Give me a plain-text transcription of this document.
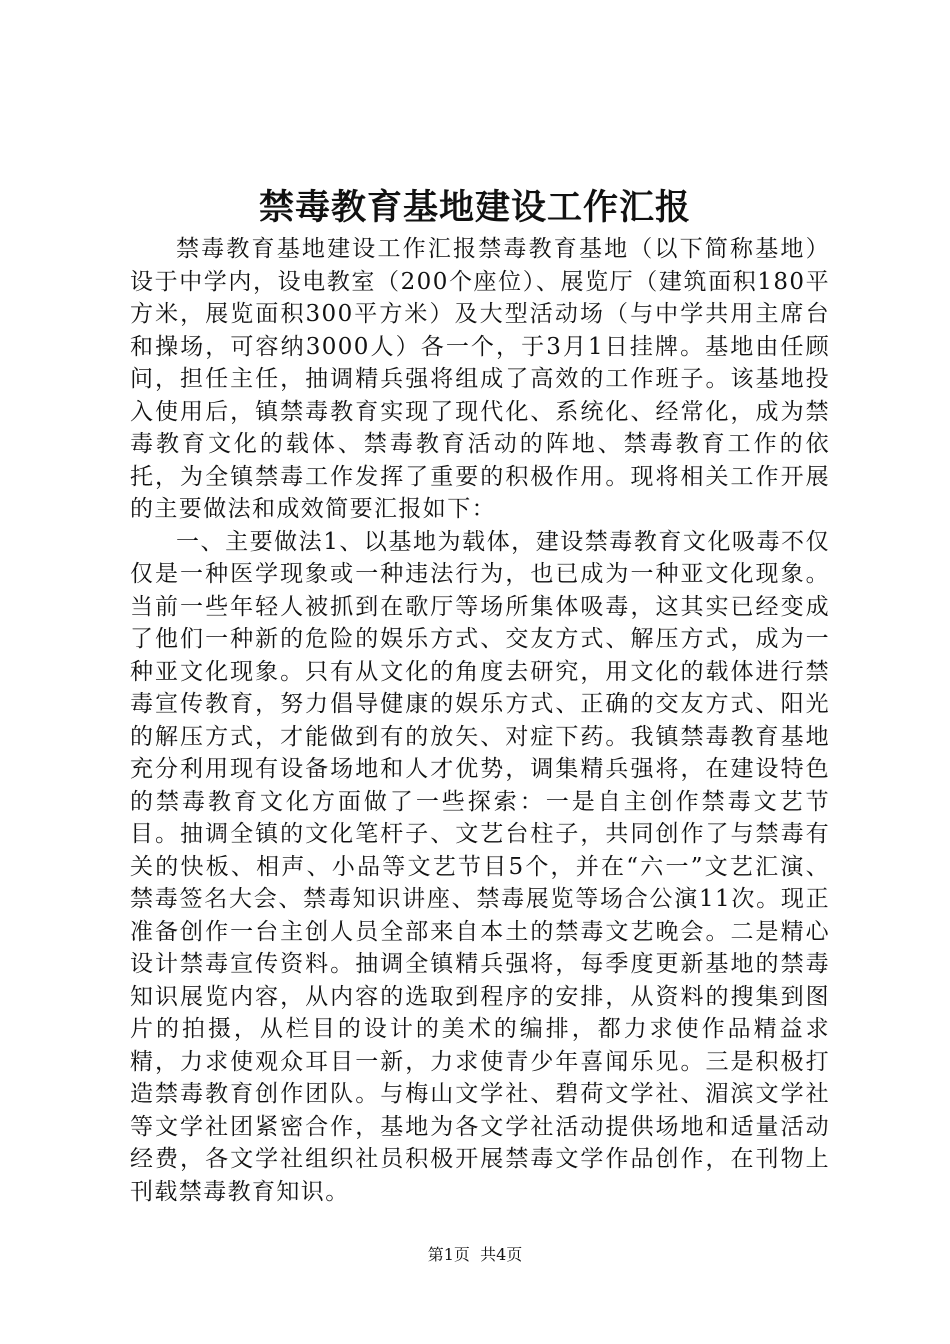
禁毒教育基地建设工作汇报

禁毒教育基地建设工作汇报禁毒教育基地（以下简称基地）设于中学内，设电教室（200个座位）、展览厅（建筑面积180平方米，展览面积300平方米）及大型活动场（与中学共用主席台和操场，可容纳3000人）各一个，于3月1日挂牌。基地由任顾问，担任主任，抽调精兵强将组成了高效的工作班子。该基地投入使用后，镇禁毒教育实现了现代化、系统化、经常化，成为禁毒教育文化的载体、禁毒教育活动的阵地、禁毒教育工作的依托，为全镇禁毒工作发挥了重要的积极作用。现将相关工作开展的主要做法和成效简要汇报如下：

一、主要做法1、以基地为载体，建设禁毒教育文化吸毒不仅仅是一种医学现象或一种违法行为，也已成为一种亚文化现象。当前一些年轻人被抓到在歌厅等场所集体吸毒，这其实已经变成了他们一种新的危险的娱乐方式、交友方式、解压方式，成为一种亚文化现象。只有从文化的角度去研究，用文化的载体进行禁毒宣传教育，努力倡导健康的娱乐方式、正确的交友方式、阳光的解压方式，才能做到有的放矢、对症下药。我镇禁毒教育基地充分利用现有设备场地和人才优势，调集精兵强将，在建设特色的禁毒教育文化方面做了一些探索：一是自主创作禁毒文艺节目。抽调全镇的文化笔杆子、文艺台柱子，共同创作了与禁毒有关的快板、相声、小品等文艺节目5个，并在“六一”文艺汇演、禁毒签名大会、禁毒知识讲座、禁毒展览等场合公演11次。现正准备创作一台主创人员全部来自本土的禁毒文艺晚会。二是精心设计禁毒宣传资料。抽调全镇精兵强将，每季度更新基地的禁毒知识展览内容，从内容的选取到程序的安排，从资料的搜集到图片的拍摄，从栏目的设计的美术的编排，都力求使作品精益求精，力求使观众耳目一新，力求使青少年喜闻乐见。三是积极打造禁毒教育创作团队。与梅山文学社、碧荷文学社、湄滨文学社等文学社团紧密合作，基地为各文学社活动提供场地和适量活动经费，各文学社组织社员积极开展禁毒文学作品创作，在刊物上刊载禁毒教育知识。

第1页 共4页
